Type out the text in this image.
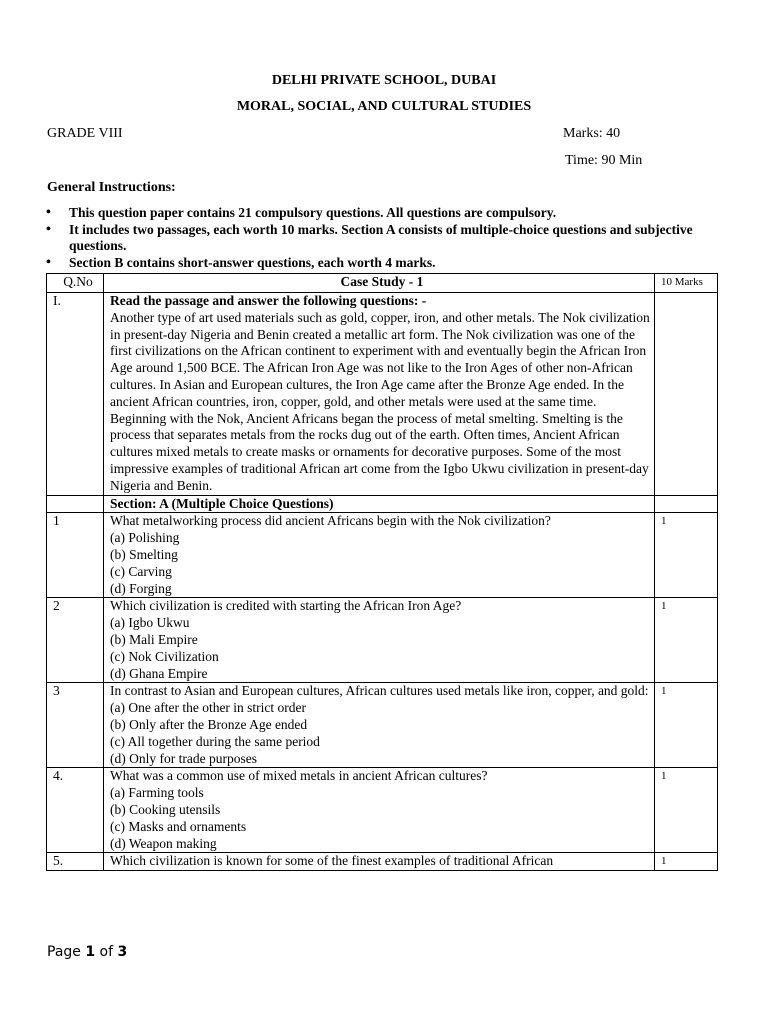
DELHI PRIVATE SCHOOL, DUBAI
MORAL, SOCIAL, AND CULTURAL STUDIES
GRADE VIII	Marks: 40
Time: 90 Min
General Instructions:
• This question paper contains 21 compulsory questions. All questions are compulsory.
• It includes two passages, each worth 10 marks. Section A consists of multiple-choice questions and subjective questions.
• Section B contains short-answer questions, each worth 4 marks.
Q.No	Case Study - 1	10 Marks
I.	Read the passage and answer the following questions: -
Another type of art used materials such as gold, copper, iron, and other metals. The Nok civilization in present-day Nigeria and Benin created a metallic art form. The Nok civilization was one of the first civilizations on the African continent to experiment with and eventually begin the African Iron Age around 1,500 BCE. The African Iron Age was not like to the Iron Ages of other non-African cultures. In Asian and European cultures, the Iron Age came after the Bronze Age ended. In the ancient African countries, iron, copper, gold, and other metals were used at the same time. Beginning with the Nok, Ancient Africans began the process of metal smelting. Smelting is the process that separates metals from the rocks dug out of the earth. Often times, Ancient African cultures mixed metals to create masks or ornaments for decorative purposes. Some of the most impressive examples of traditional African art come from the Igbo Ukwu civilization in present-day Nigeria and Benin.	

	Section: A (Multiple Choice Questions)	
1	What metalworking process did ancient Africans begin with the Nok civilization?
(a) Polishing
(b) Smelting
(c) Carving
(d) Forging	1
2	Which civilization is credited with starting the African Iron Age?
(a) Igbo Ukwu
(b) Mali Empire
(c) Nok Civilization
(d) Ghana Empire	1
3	In contrast to Asian and European cultures, African cultures used metals like iron, copper, and gold:
(a) One after the other in strict order
(b) Only after the Bronze Age ended
(c) All together during the same period
(d) Only for trade purposes	1
4.	What was a common use of mixed metals in ancient African cultures?
(a) Farming tools
(b) Cooking utensils
(c) Masks and ornaments
(d) Weapon making	1
5.	Which civilization is known for some of the finest examples of traditional African	1
Page 1 of 3
